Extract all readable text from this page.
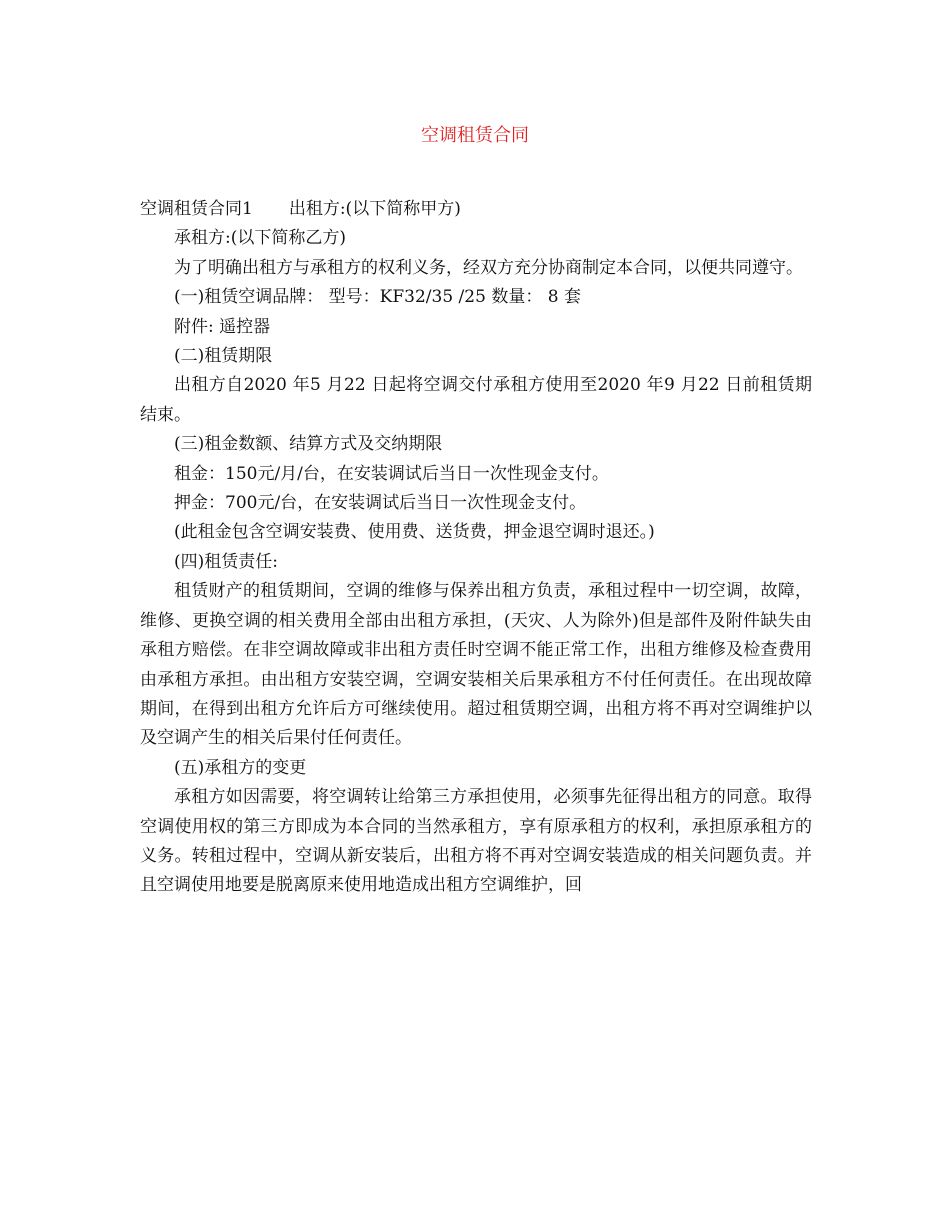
空调租赁合同

空调租赁合同1 出租方:(以下简称甲方)

承租方:(以下简称乙方)

为了明确出租方与承租方的权利义务，经双方充分协商制定本合同，以便共同遵守。

(一)租赁空调品牌： 型号：KF32/35 /25 数量： 8 套

附件: 遥控器

(二)租赁期限

出租方自2020 年5 月22 日起将空调交付承租方使用至2020 年9 月22 日前租赁期结束。

(三)租金数额、结算方式及交纳期限

租金：150元/月/台，在安装调试后当日一次性现金支付。

押金：700元/台，在安装调试后当日一次性现金支付。

(此租金包含空调安装费、使用费、送货费，押金退空调时退还。)

(四)租赁责任:

租赁财产的租赁期间，空调的维修与保养出租方负责，承租过程中一切空调，故障，维修、更换空调的相关费用全部由出租方承担，(天灾、人为除外)但是部件及附件缺失由承租方赔偿。在非空调故障或非出租方责任时空调不能正常工作，出租方维修及检查费用由承租方承担。由出租方安装空调，空调安装相关后果承租方不付任何责任。在出现故障期间，在得到出租方允许后方可继续使用。超过租赁期空调，出租方将不再对空调维护以及空调产生的相关后果付任何责任。

(五)承租方的变更

承租方如因需要，将空调转让给第三方承担使用，必须事先征得出租方的同意。取得空调使用权的第三方即成为本合同的当然承租方，享有原承租方的权利，承担原承租方的义务。转租过程中，空调从新安装后，出租方将不再对空调安装造成的相关问题负责。并且空调使用地要是脱离原来使用地造成出租方空调维护，回
